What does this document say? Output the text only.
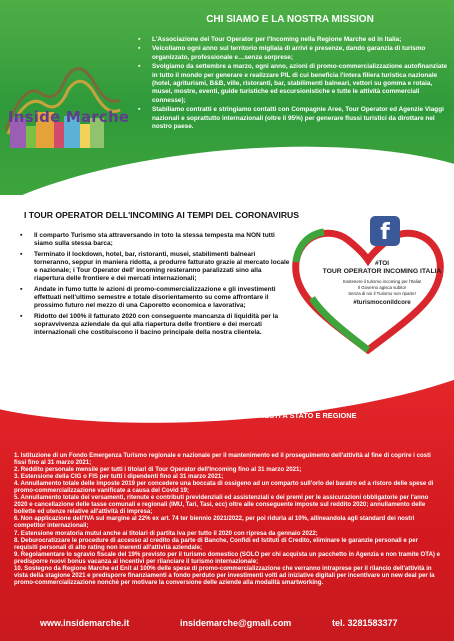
Inside Marche
CHI SIAMO E LA NOSTRA MISSION
▪ L'Associazione dei Tour Operator per l'Incoming nella Regione Marche ed in Italia;
▪ Veicoliamo ogni anno sul territorio migliaia di arrivi e presenze, dando garanzia di turismo organizzato, professionale e…senza sorprese;
▪ Svolgiamo da settembre a marzo, ogni anno, azioni di promo-commercializzazione autofinanziate in tutto il mondo per generare e realizzare PIL di cui beneficia l'intera filiera turistica nazionale (hotel, agriturismi, B&B, ville, ristoranti, bar, stabilimenti balneari, vettori su gomma e rotaia, musei, mostre, eventi, guide turistiche ed escursionistiche e tutte le attività commerciali connesse);
▪ Stabiliamo contratti e stringiamo contatti con Compagnie Aree, Tour Operator ed Agenzie Viaggi nazionali e soprattutto internazionali (oltre il 95%) per generare flussi turistici da dirottare nel nostro paese.
I TOUR OPERATOR DELL'INCOMING AI TEMPI DEL CORONAVIRUS
▪ Il comparto Turismo sta attraversando in toto la stessa tempesta ma NON tutti siamo sulla stessa barca;
▪ Terminato il lockdown, hotel, bar, ristoranti, musei, stabilimenti balneari torneranno, seppur in maniera ridotta, a produrre fatturato grazie al mercato locale e nazionale; i Tour Operator dell' incoming resteranno paralizzati sino alla riapertura delle frontiere e dei mercati internazionali;
▪ Andate in fumo tutte le azioni di promo-commercializzazione e gli investimenti effettuati nell'ultimo semestre e totale disorientamento su come affrontare il prossimo futuro nel mezzo di una Caporetto economica e lavorativa;
▪ Ridotto del 100% il fatturato 2020 con conseguente mancanza di liquidità per la sopravvivenza aziendale da qui alla riapertura delle frontiere e dei mercati internazionali che costituiscono il bacino principale della nostra clientela.
f
#TOI
TOUR OPERATOR INCOMING ITALIA
Sostenere il turismo incoming per l'Italia!
Il Governo agisca subito!
Senza di noi il Turismo non riparte!
#turismoconildcore
IL DECALOGO DI INTERVENTI SPECIFICI RICHIESTI A STATO E REGIONE
1. Istituzione di un Fondo Emergenza Turismo regionale e nazionale per il mantenimento ed il proseguimento dell'attività al fine di coprire i costi fissi fino al 31 marzo 2021;
2. Reddito personale mensile per tutti i titolari di Tour Operator dell'Incoming fino al 31 marzo 2021;
3. Estensione della CIG o FIS per tutti i dipendenti fino al 31 marzo 2021;
4. Annullamento totale delle imposte 2019 per concedere una boccata di ossigeno ad un comparto sull'orlo del baratro ed a ristoro delle spese di promo-commercializzazione vanificate a causa del Covid 19;
5. Annullamento totale dei versamenti, ritenute e contributi previdenziali ed assistenziali e dei premi per le assicurazioni obbligatorie per l'anno 2020 e cancellazione delle tasse comunali e regionali (IMU, Tari, Tasi, ecc) oltre alle conseguente imposte sul reddito 2020; annullamento delle bollette ed utenze relative all'attività di impresa;
6. Non applicazione dell'IVA sul margine al 22% ex art. 74 ter biennio 2021/2022, per poi ridurla al 10%, allineandola agli standard dei nostri competitor internazionali;
7. Estensione moratoria mutui anche ai titolari di partita iva per tutto il 2020 con ripresa da gennaio 2022;
8. Deburocratizzare le procedure di accesso al credito da parte di Banche, Confidi ed Istituti di Credito, eliminare le garanzie personali e per requisiti personali di alto rating non inerenti all'attività aziendale;
9. Regolamentare lo sgravio fiscale del 19% previsto per il turismo domestico (SOLO per chi acquista un pacchetto in Agenzia e non tramite OTA) e predisporre nuovi bonus vacanza ai incentivi per rilanciare il turismo internazionale;
10. Sostegno da Regione Marche ed Enit al 100% delle spese di promo-commercializzazione che verranno intraprese per il rilancio dell'attività in vista della stagione 2021 e predisporre finanziamenti a fondo perduto per investimenti volti ad iniziative digitali per incentivare un new deal per la promo-commercializzazione nonchè per motivare la conversione delle aziende alla modalità smartworking.
www.insidemarche.it	insidemarche@gmail.com	tel. 3281583377
